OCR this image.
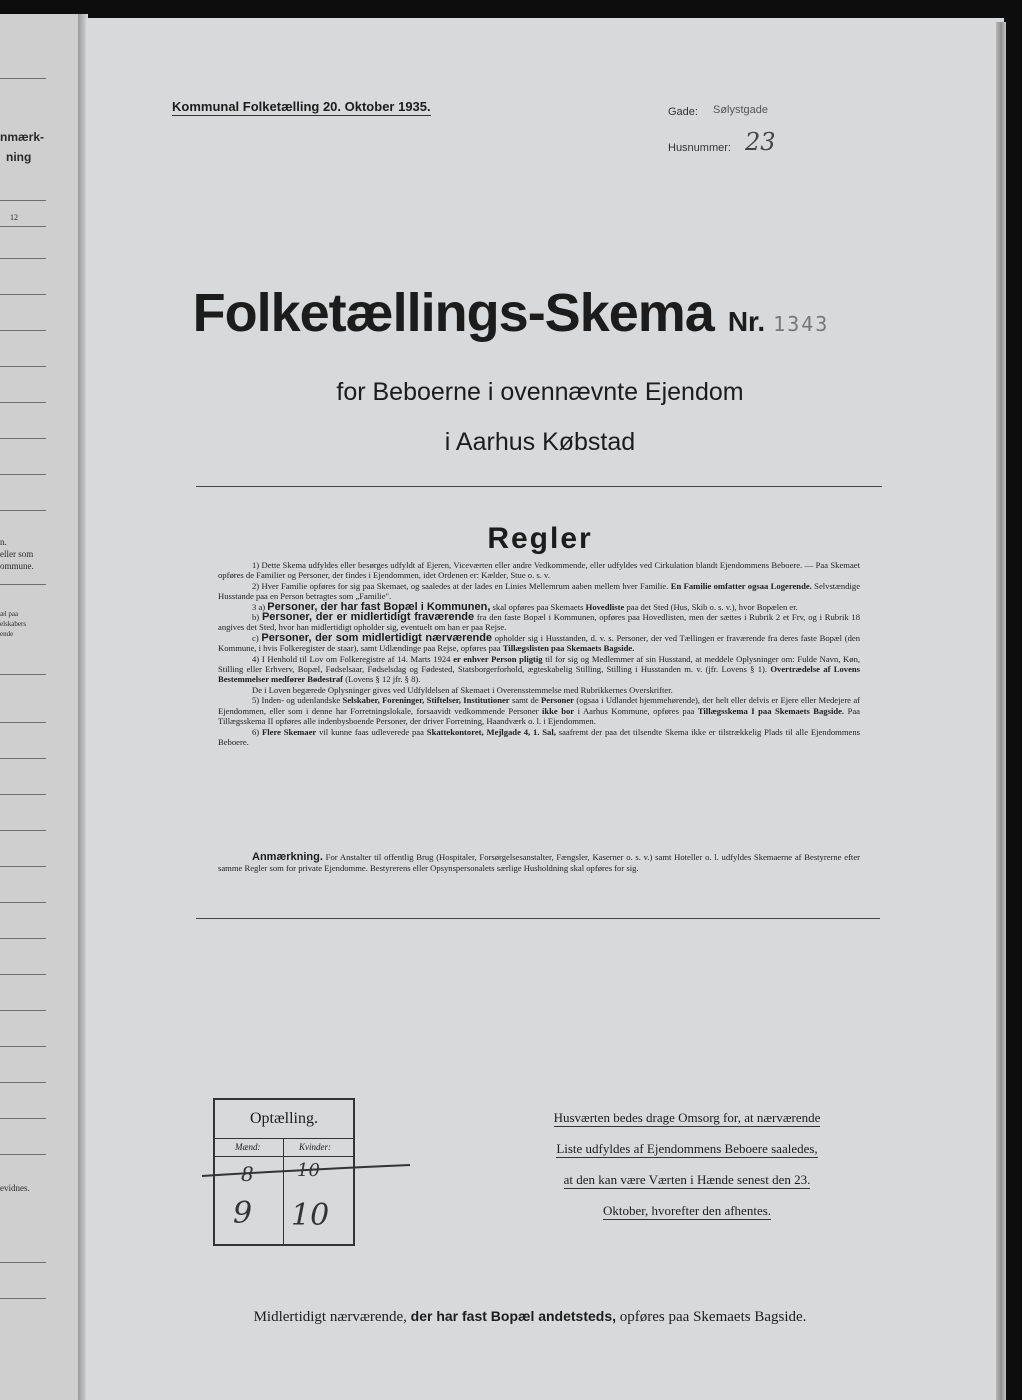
nmærk-
ning
12
n.
eller som
ommune.
æl paa
elskabers
ende
evidnes.
Kommunal Folketælling 20. Oktober 1935.	Gade: Sølystgade
Husnummer: 23
Folketællings-Skema Nr. 1343
for Beboerne i ovennævnte Ejendom
i Aarhus Købstad
Regler

1) Dette Skema udfyldes eller besørges udfyldt af Ejeren, Viceværten eller andre Vedkommende, eller udfyldes ved Cirkulation blandt Ejendommens Beboere. — Paa Skemaet opføres de Familier og Personer, der findes i Ejendommen, idet Ordenen er: Kælder, Stue o. s. v.

2) Hver Familie opføres for sig paa Skemaet, og saaledes at der lades en Linies Mellemrum aaben mellem hver Familie. En Familie omfatter ogsaa Logerende. Selvstændige Husstande paa en Person betragtes som „Familie".

3 a) Personer, der har fast Bopæl i Kommunen, skal opføres paa Skemaets Hovedliste paa det Sted (Hus, Skib o. s. v.), hvor Bopælen er.

b) Personer, der er midlertidigt fraværende fra den faste Bopæl i Kommunen, opføres paa Hovedlisten, men der sættes i Rubrik 2 et Frv, og i Rubrik 18 angives det Sted, hvor han midlertidigt opholder sig, eventuelt om han er paa Rejse.

c) Personer, der som midlertidigt nærværende opholder sig i Husstanden, d. v. s. Personer, der ved Tællingen er fraværende fra deres faste Bopæl (den Kommune, i hvis Folkeregister de staar), samt Udlændinge paa Rejse, opføres paa Tillægslisten paa Skemaets Bagside.

4) I Henhold til Lov om Folkeregistre af 14. Marts 1924 er enhver Person pligtig til for sig og Medlemmer af sin Husstand, at meddele Oplysninger om: Fulde Navn, Køn, Stilling eller Erhverv, Bopæl, Fødselsaar, Fødselsdag og Fødested, Statsborgerforhold, ægteskabelig Stilling, Stilling i Husstanden m. v. (jfr. Lovens § 1). Overtrædelse af Lovens Bestemmelser medfører Bødestraf (Lovens § 12 jfr. § 8).

De i Loven begærede Oplysninger gives ved Udfyldelsen af Skemaet i Overensstemmelse med Rubrikkernes Overskrifter.

5) Inden- og udenlandske Selskaber, Foreninger, Stiftelser, Institutioner samt de Personer (ogsaa i Udlandet hjemmehørende), der helt eller delvis er Ejere eller Medejere af Ejendommen, eller som i denne har Forretningslokale, forsaavidt vedkommende Personer ikke bor i Aarhus Kommune, opføres paa Tillægsskema I paa Skemaets Bagside. Paa Tillægsskema II opføres alle indenbysboende Personer, der driver Forretning, Haandværk o. l. i Ejendommen.

6) Flere Skemaer vil kunne faas udleverede paa Skattekontoret, Mejlgade 4, 1. Sal, saafremt der paa det tilsendte Skema ikke er tilstrækkelig Plads til alle Ejendommens Beboere.

Anmærkning. For Anstalter til offentlig Brug (Hospitaler, Forsørgelsesanstalter, Fængsler, Kaserner o. s. v.) samt Hoteller o. l. udfyldes Skemaerne af Bestyrerne efter samme Regler som for private Ejendomme. Bestyrerens eller Opsynspersonalets særlige Husholdning skal opføres for sig.
Optælling.
Mænd:	Kvinder:
8 10
9 10
Husværten bedes drage Omsorg for, at nærværende
Liste udfyldes af Ejendommens Beboere saaledes,
at den kan være Værten i Hænde senest den 23.
Oktober, hvorefter den afhentes.
Midlertidigt nærværende, der har fast Bopæl andetsteds, opføres paa Skemaets Bagside.
